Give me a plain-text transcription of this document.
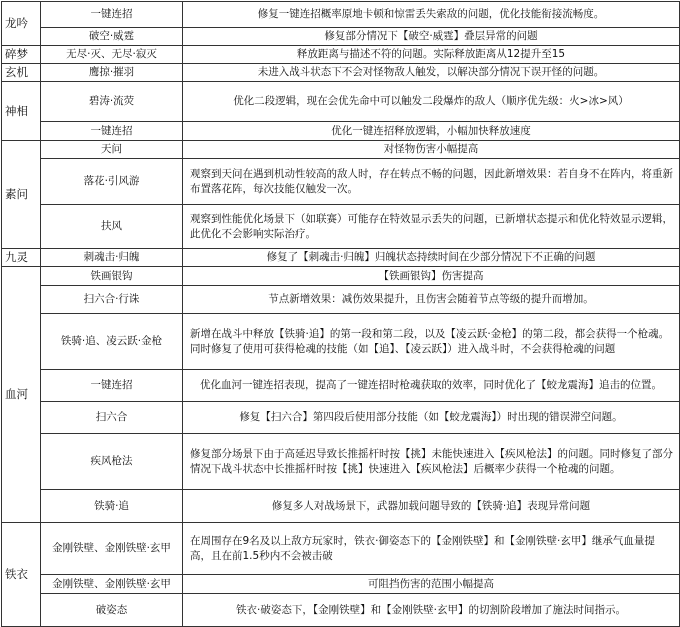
龙吟	一键连招	修复一键连招概率原地卡顿和惊雷丢失索敌的问题，优化技能衔接流畅度。
	破空·威霆	修复部分情况下【破空·威霆】叠层异常的问题
碎梦	无尽·灭、无尽·寂灭	释放距离与描述不符的问题。实际释放距离从12提升至15
玄机	鹰掠·摧羽	未进入战斗状态下不会对怪物敌人触发，以解决部分情况下误开怪的问题。
神相	碧涛·流荧	优化二段逻辑，现在会优先命中可以触发二段爆炸的敌人（顺序优先级：火>冰>风）
	一键连招	优化一键连招释放逻辑，小幅加快释放速度
素问	天问	对怪物伤害小幅提高
	落花·引风游	观察到天问在遇到机动性较高的敌人时，存在转点不畅的问题，因此新增效果：若自身不在阵内，将重新布置落花阵，每次技能仅触发一次。
	扶风	观察到性能优化场景下（如联赛）可能存在特效显示丢失的问题，已新增状态提示和优化特效显示逻辑，此优化不会影响实际治疗。
九灵	刺魂击·归魄	修复了【刺魂击·归魄】归魄状态持续时间在少部分情况下不正确的问题
血河	铁画银钩	【铁画银钩】伤害提高
	扫六合·行诛	节点新增效果：减伤效果提升，且伤害会随着节点等级的提升而增加。
	铁骑·追、凌云跃·金枪	新增在战斗中释放【铁骑·追】的第一段和第二段，以及【凌云跃·金枪】的第二段，都会获得一个枪魂。同时修复了使用可获得枪魂的技能（如【追】、【凌云跃】）进入战斗时，不会获得枪魂的问题
	一键连招	优化血河一键连招表现，提高了一键连招时枪魂获取的效率，同时优化了【蛟龙震海】追击的位置。
	扫六合	修复【扫六合】第四段后使用部分技能（如【蛟龙震海】）时出现的错误滞空问题。
	疾风枪法	修复部分场景下由于高延迟导致长推摇杆时按【挑】未能快速进入【疾风枪法】的问题。同时修复了部分情况下战斗状态中长推摇杆时按【挑】快速进入【疾风枪法】后概率少获得一个枪魂的问题。
	铁骑·追	修复多人对战场景下，武器加载问题导致的【铁骑·追】表现异常问题
铁衣	金刚铁壁、金刚铁壁·玄甲	在周围存在9名及以上敌方玩家时，铁衣·御姿态下的【金刚铁壁】和【金刚铁壁·玄甲】继承气血量提高，且在前1.5秒内不会被击破
	金刚铁壁、金刚铁壁·玄甲	可阻挡伤害的范围小幅提高
	破姿态	铁衣·破姿态下，【金刚铁壁】和【金刚铁壁·玄甲】的切割阶段增加了施法时间指示。
